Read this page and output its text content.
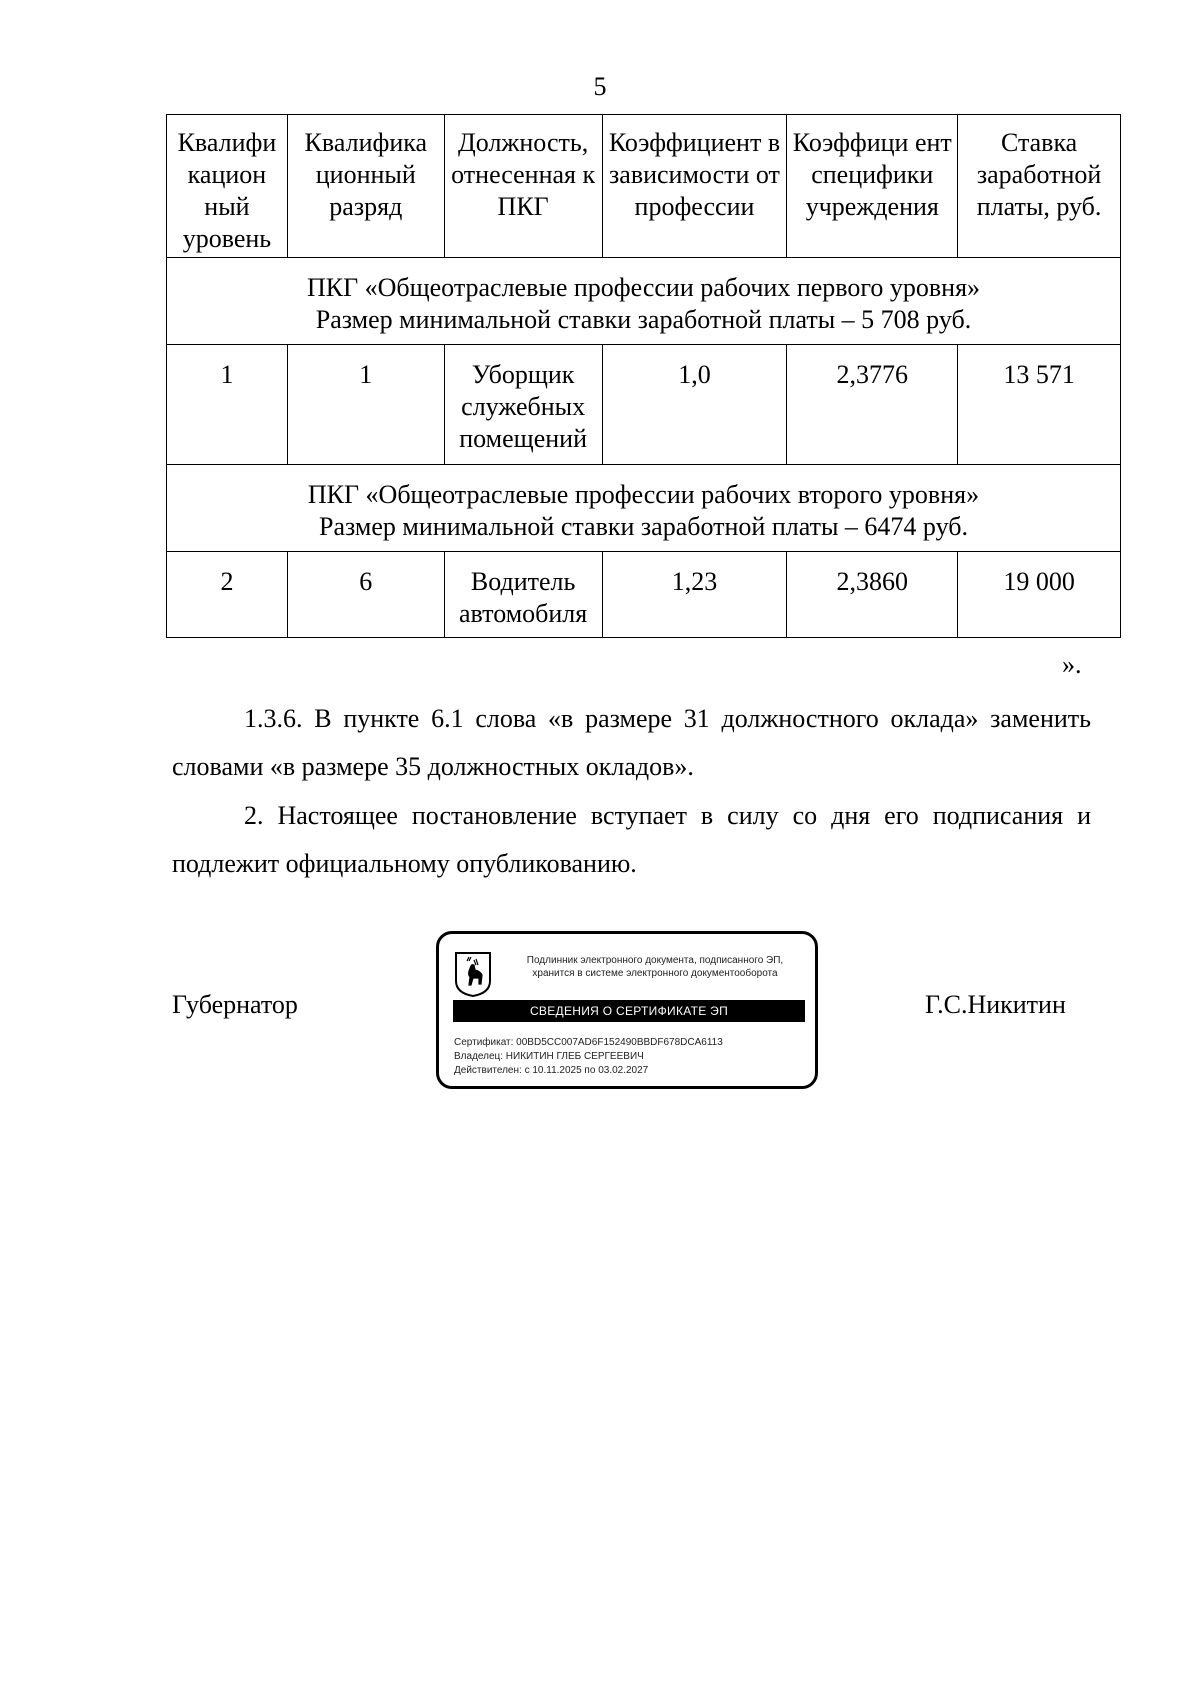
5
Квалифи кацион ный уровень	Квалифика ционный разряд	Должность, отнесенная к ПКГ	Коэффициент в зависимости от профессии	Коэффици ент специфики учреждения	Ставка заработной платы, руб.

ПКГ «Общеотраслевые профессии рабочих первого уровня»
Размер минимальной ставки заработной платы – 5 708 руб.					

1	1	Уборщик служебных помещений	1,0	2,3776	13 571

ПКГ «Общеотраслевые профессии рабочих второго уровня»
Размер минимальной ставки заработной платы – 6474 руб.					

2	6	Водитель автомобиля	1,23	2,3860	19 000
».
1.3.6. В пункте 6.1 слова «в размере 31 должностного оклада» заменить словами «в размере 35 должностных окладов».
2. Настоящее постановление вступает в силу со дня его подписания и подлежит официальному опубликованию.
Губернатор
Подлинник электронного документа, подписанного ЭП,
хранится в системе электронного документооборота
СВЕДЕНИЯ О СЕРТИФИКАТЕ ЭП
Сертификат: 00BD5CC007AD6F152490BBDF678DCA6113
Владелец: НИКИТИН ГЛЕБ СЕРГЕЕВИЧ
Действителен: с 10.11.2025 по 03.02.2027
Г.С.Никитин
